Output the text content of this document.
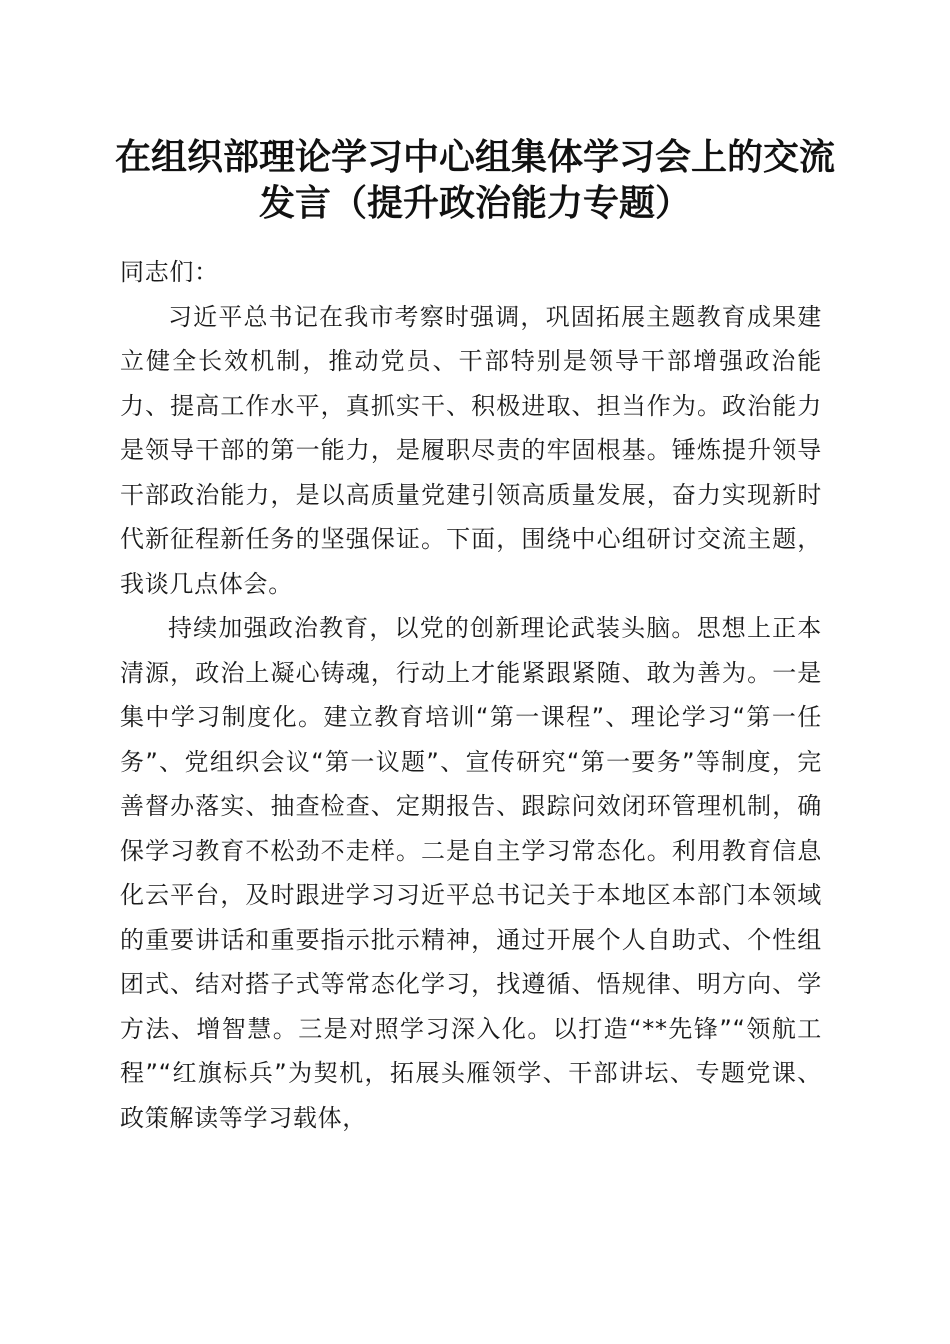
在组织部理论学习中心组集体学习会上的交流
发言（提升政治能力专题）

同志们：

习近平总书记在我市考察时强调，巩固拓展主题教育成果建立健全长效机制，推动党员、干部特别是领导干部增强政治能力、提高工作水平，真抓实干、积极进取、担当作为。政治能力是领导干部的第一能力，是履职尽责的牢固根基。锤炼提升领导干部政治能力，是以高质量党建引领高质量发展，奋力实现新时代新征程新任务的坚强保证。下面，围绕中心组研讨交流主题，我谈几点体会。

持续加强政治教育，以党的创新理论武装头脑。思想上正本清源，政治上凝心铸魂，行动上才能紧跟紧随、敢为善为。一是集中学习制度化。建立教育培训“第一课程”、理论学习“第一任务”、党组织会议“第一议题”、宣传研究“第一要务”等制度，完善督办落实、抽查检查、定期报告、跟踪问效闭环管理机制，确保学习教育不松劲不走样。二是自主学习常态化。利用教育信息化云平台，及时跟进学习习近平总书记关于本地区本部门本领域的重要讲话和重要指示批示精神，通过开展个人自助式、个性组团式、结对搭子式等常态化学习，找遵循、悟规律、明方向、学方法、增智慧。三是对照学习深入化。以打造“**先锋”“领航工程”“红旗标兵”为契机，拓展头雁领学、干部讲坛、专题党课、政策解读等学习载体，
